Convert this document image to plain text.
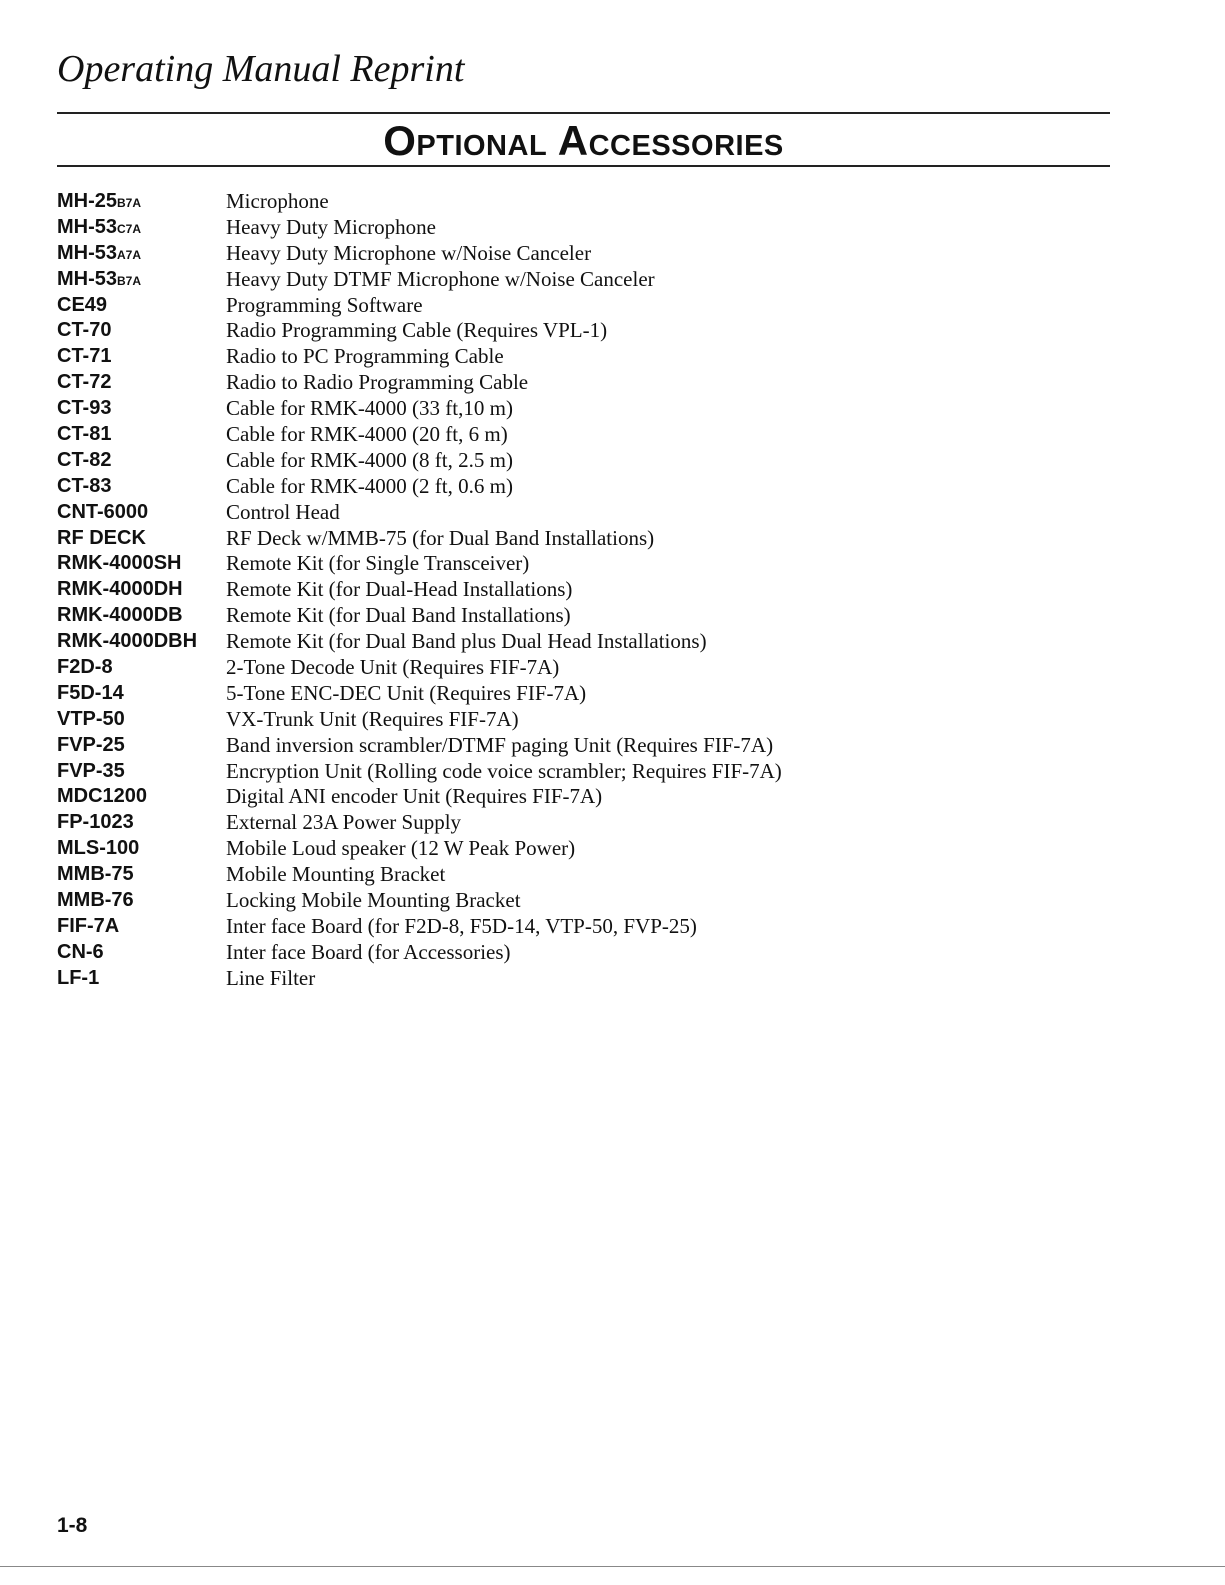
Operating Manual Reprint
Optional Accessories
MH-25B7A	Microphone
MH-53C7A	Heavy Duty Microphone
MH-53A7A	Heavy Duty Microphone w/Noise Canceler
MH-53B7A	Heavy Duty DTMF Microphone w/Noise Canceler
CE49	Programming Software
CT-70	Radio Programming Cable (Requires VPL-1)
CT-71	Radio to PC Programming Cable
CT-72	Radio to Radio Programming Cable
CT-93	Cable for RMK-4000 (33 ft,10 m)
CT-81	Cable for RMK-4000 (20 ft, 6 m)
CT-82	Cable for RMK-4000 (8 ft, 2.5 m)
CT-83	Cable for RMK-4000 (2 ft, 0.6 m)
CNT-6000	Control Head
RF DECK	RF Deck w/MMB-75 (for Dual Band Installations)
RMK-4000SH Remote Kit (for Single Transceiver)
RMK-4000DH Remote Kit (for Dual-Head Installations)
RMK-4000DB Remote Kit (for Dual Band Installations)
RMK-4000DBH Remote Kit (for Dual Band plus Dual Head Installations)
F2D-8	2-Tone Decode Unit (Requires FIF-7A)
F5D-14	5-Tone ENC-DEC Unit (Requires FIF-7A)
VTP-50	VX-Trunk Unit (Requires FIF-7A)
FVP-25	Band inversion scrambler/DTMF paging Unit (Requires FIF-7A)
FVP-35	Encryption Unit (Rolling code voice scrambler; Requires FIF-7A)
MDC1200	Digital ANI encoder Unit (Requires FIF-7A)
FP-1023	External 23A Power Supply
MLS-100	Mobile Loud speaker (12 W Peak Power)
MMB-75	Mobile Mounting Bracket
MMB-76	Locking Mobile Mounting Bracket
FIF-7A	Inter face Board (for F2D-8, F5D-14, VTP-50, FVP-25)
CN-6	Inter face Board (for Accessories)
LF-1	Line Filter
1-8
